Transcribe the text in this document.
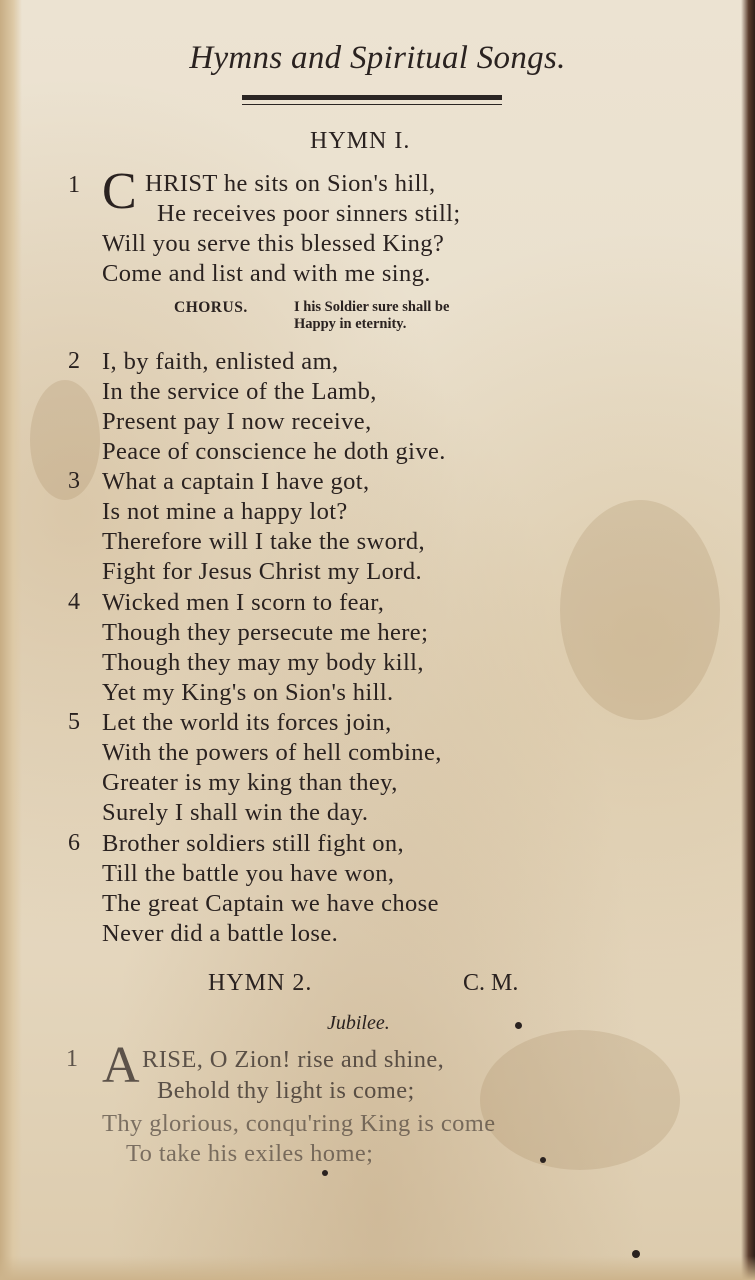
Hymns and Spiritual Songs.
HYMN I.
1 C HRIST he sits on Sion's hill,
He receives poor sinners still;
Will you serve this blessed King?
Come and list and with me sing.
CHORUS.	I his Soldier sure shall be
Happy in eternity.
2 I, by faith, enlisted am,
In the service of the Lamb,
Present pay I now receive,
Peace of conscience he doth give.
3 What a captain I have got,
Is not mine a happy lot?
Therefore will I take the sword,
Fight for Jesus Christ my Lord.
4 Wicked men I scorn to fear,
Though they persecute me here;
Though they may my body kill,
Yet my King's on Sion's hill.
5 Let the world its forces join,
With the powers of hell combine,
Greater is my king than they,
Surely I shall win the day.
6 Brother soldiers still fight on,
Till the battle you have won,
The great Captain we have chose
Never did a battle lose.
HYMN 2.	C. M.
Jubilee.
1 A RISE, O Zion! rise and shine,
Behold thy light is come;
Thy glorious, conqu'ring King is come
To take his exiles home;
